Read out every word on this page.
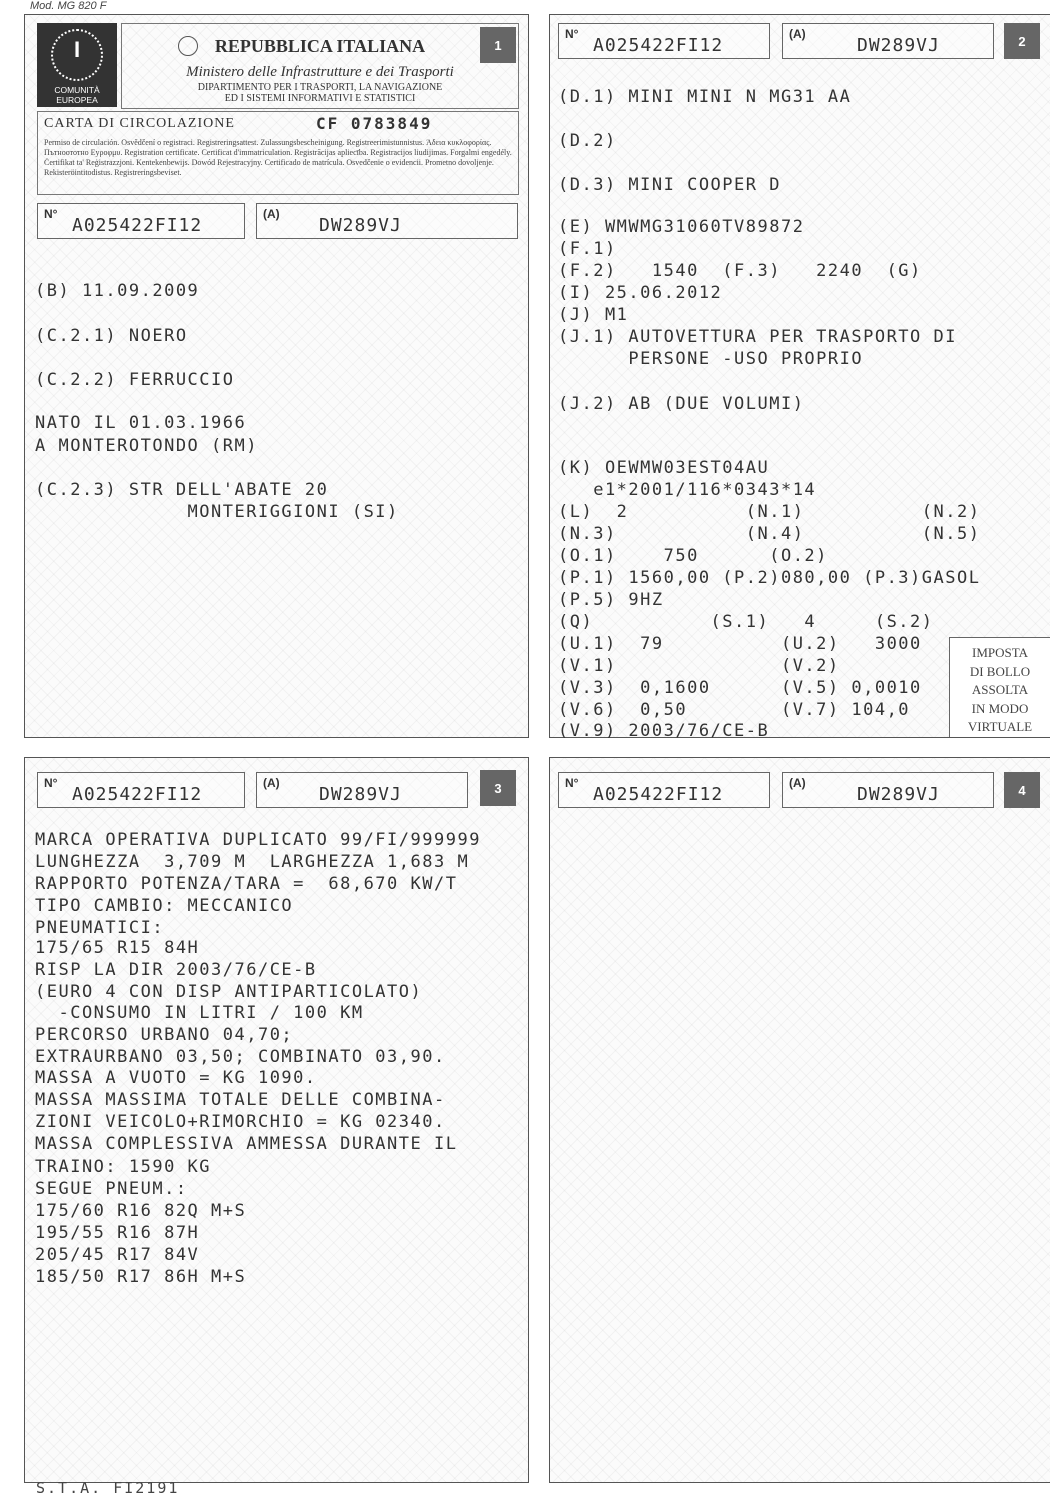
Mod. MG 820 F
I
COMUNITÀ
EUROPEA
REPUBBLICA ITALIANA
Ministero delle Infrastrutture e dei Trasporti
DIPARTIMENTO PER I TRASPORTI, LA NAVIGAZIONE
ED I SISTEMI INFORMATIVI E STATISTICI
1
CARTA DI CIRCOLAZIONE	CF 0783849
Permiso de circulación. Osvědčení o registraci. Registreringsattest. Zulassungsbescheinigung. Registreerimistunnistus. Άδεια κυκλοφορίας. Пътноототно Еуροφμυ. Registration certificate. Certificat d'immatriculation. Registrācijas apliecība. Registracijos liudijimas. Forgalmi engedély. Ċertifikat ta' Reġistrazzjoni. Kentekenbewijs. Dowód Rejestracyjny. Certificado de matrícula. Osvedčenie o evidencii. Prometno dovoljenje. Rekisteröintitodistus. Registreringsbeviset.
N°
A025422FI12
(A)
DW289VJ
(B) 11.09.2009
(C.2.1) NOERO
(C.2.2) FERRUCCIO
NATO IL 01.03.1966
A MONTEROTONDO (RM)
(C.2.3) STR DELL'ABATE 20
MONTERIGGIONI (SI)
N°
A025422FI12
(A)
DW289VJ	2
(D.1) MINI MINI N MG31 AA
(D.2)
(D.3) MINI COOPER D
(E) WMWMG31060TV89872
(F.1)
(F.2)   1540  (F.3)   2240  (G)
(I) 25.06.2012
(J) M1
(J.1) AUTOVETTURA PER TRASPORTO DI
PERSONE -USO PROPRIO
(J.2) AB (DUE VOLUMI)
(K) OEWMW03EST04AU
e1*2001/116*0343*14
(L)  2          (N.1)          (N.2)
(N.3)           (N.4)          (N.5)
(O.1)    750      (O.2)
(P.1) 1560,00 (P.2)080,00 (P.3)GASOL
(P.5) 9HZ
(Q)          (S.1)   4     (S.2)
(U.1)  79          (U.2)   3000
(V.1)              (V.2)
(V.3)  0,1600      (V.5) 0,0010
(V.6)  0,50        (V.7) 104,0
(V.9) 2003/76/CE-B
IMPOSTA
DI BOLLO
ASSOLTA
IN MODO
VIRTUALE
N°
A025422FI12
(A)
DW289VJ	3
MARCA OPERATIVA DUPLICATO 99/FI/999999
LUNGHEZZA  3,709 M  LARGHEZZA 1,683 M
RAPPORTO POTENZA/TARA =  68,670 KW/T
TIPO CAMBIO: MECCANICO
PNEUMATICI:
175/65 R15 84H
RISP LA DIR 2003/76/CE-B
(EURO 4 CON DISP ANTIPARTICOLATO)
-CONSUMO IN LITRI / 100 KM
PERCORSO URBANO 04,70;
EXTRAURBANO 03,50; COMBINATO 03,90.
MASSA A VUOTO = KG 1090.
MASSA MASSIMA TOTALE DELLE COMBINA-
ZIONI VEICOLO+RIMORCHIO = KG 02340.
MASSA COMPLESSIVA AMMESSA DURANTE IL
TRAINO: 1590 KG
SEGUE PNEUM.:
175/60 R16 82Q M+S
195/55 R16 87H
205/45 R17 84V
185/50 R17 86H M+S
N°
A025422FI12
(A)
DW289VJ	4
S.T.A. FI2191
